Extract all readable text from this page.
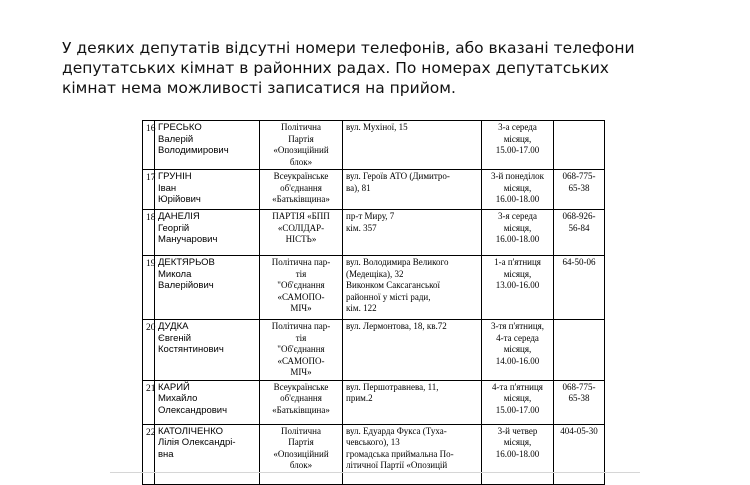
У деяких депутатів відсутні номери телефонів, або вказані телефони
депутатських кімнат в районних радах. По номерах депутатських
кімнат нема можливості записатися на прийом.

16	ГРЕСЬКО
Валерій
Володимирович	Політична
Партія
«Опозиційний
блок»	вул. Мухіної, 15	3-а середа
місяця,
15.00-17.00	

17	ГРУНІН
Іван
Юрійович	Всеукраїнське
об'єднання
«Батьківщина»	вул. Героїв АТО (Димитро-
ва), 81	3-й понеділок
місяця,
16.00-18.00	068-775-
65-38

18	ДАНЕЛІЯ
Георгій
Манучарович	ПАРТІЯ «БПП
«СОЛІДАР-
НІСТЬ»	пр-т Миру, 7
кім. 357	3-я середа
місяця,
16.00-18.00	068-926-
56-84

19	ДЕКТЯРЬОВ
Микола
Валерійович	Політична пар-
тія
"Об'єднання
«САМОПО-
МІЧ»	вул. Володимира Великого
(Медещіка), 32
Виконком Саксаганської
районної у місті ради,
кім. 122	1-а п'ятниця
місяця,
13.00-16.00	64-50-06

20	ДУДКА
Євгеній
Костянтинович	Політична пар-
тія
"Об'єднання
«САМОПО-
МІЧ»	вул. Лермонтова, 18, кв.72	3-тя п'ятниця,
4-та середа
місяця,
14.00-16.00	

21	КАРИЙ
Михайло
Олександрович	Всеукраїнське
об'єднання
«Батьківщина»	вул. Першотравнева, 11,
прим.2	4-та п'ятниця
місяця,
15.00-17.00	068-775-
65-38

22	КАТОЛІЧЕНКО
Лілія Олександрі-
вна	Політична
Партія
«Опозиційний
блок»	вул. Едуарда Фукса (Туха-
чевського), 13
громадська приймальна По-
літичної Партії «Опозицій	3-й четвер
місяця,
16.00-18.00	404-05-30
